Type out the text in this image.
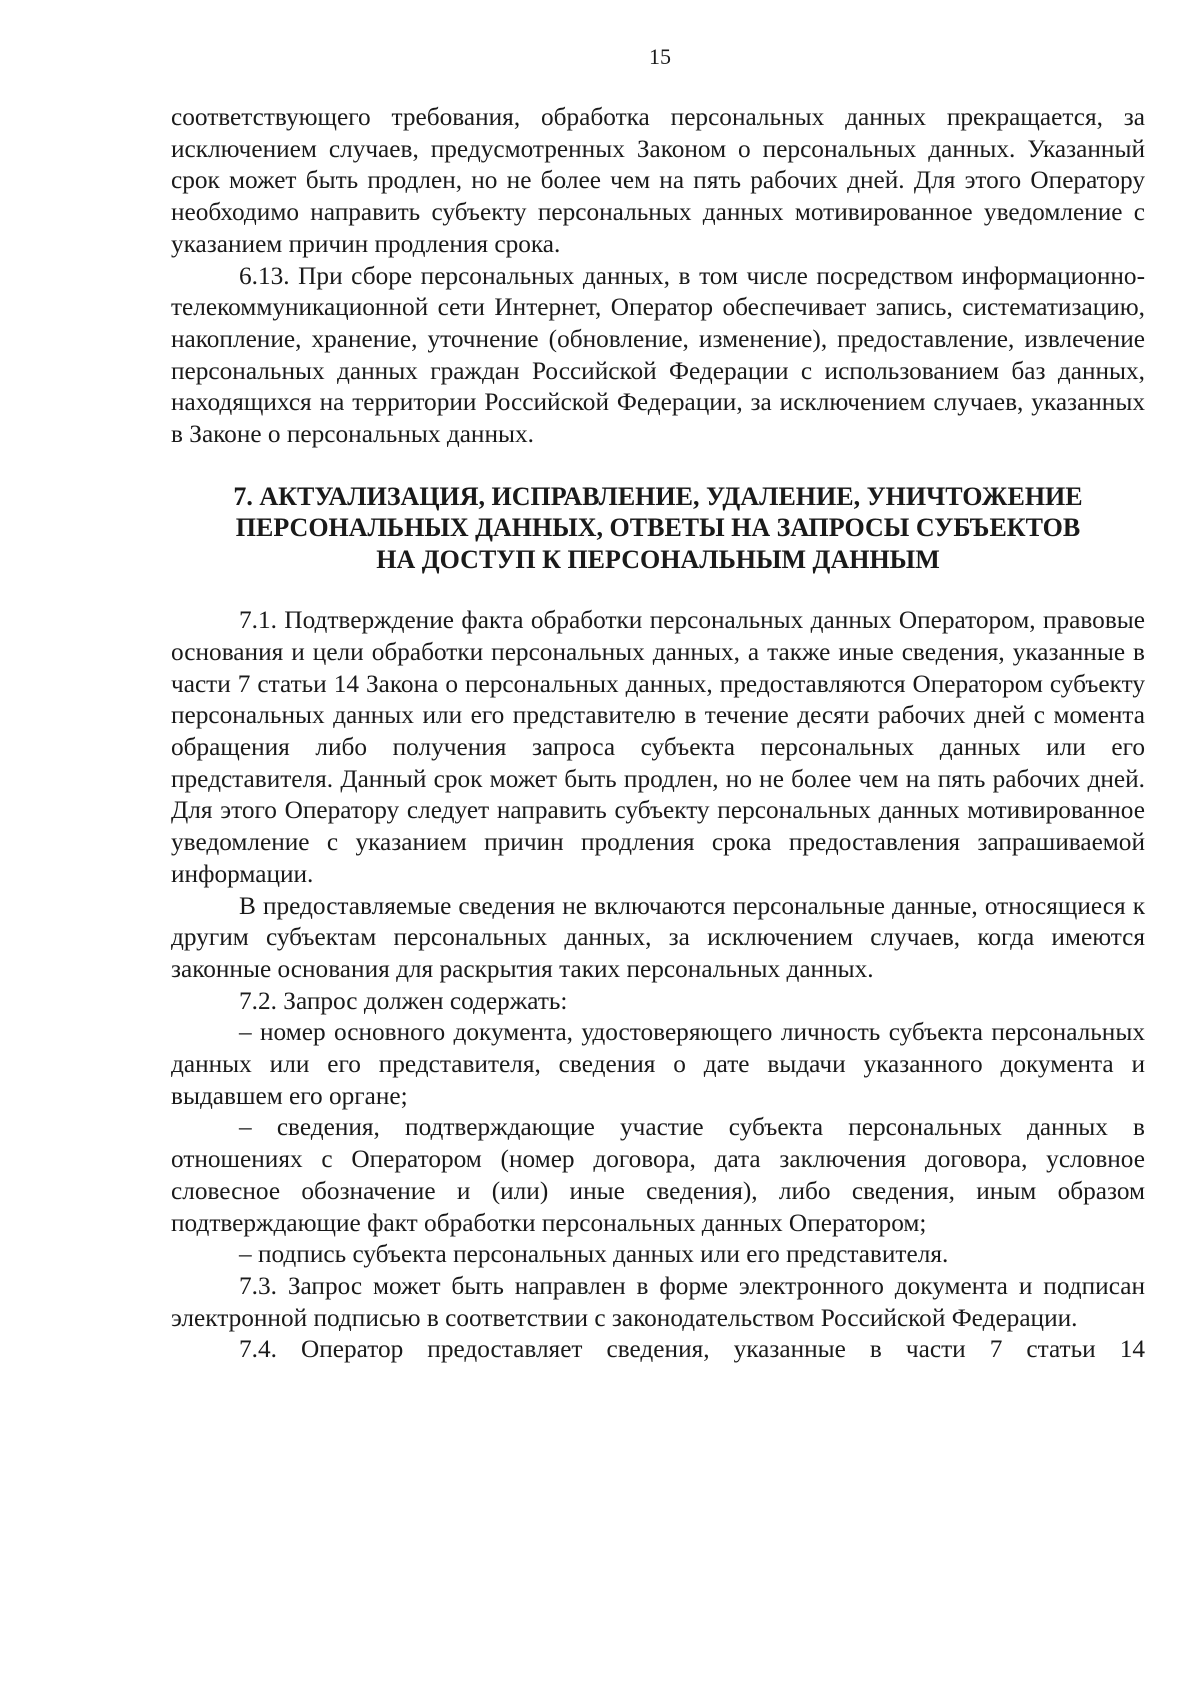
15

соответствующего требования, обработка персональных данных прекращается, за исключением случаев, предусмотренных Законом о персональных данных. Указанный срок может быть продлен, но не более чем на пять рабочих дней. Для этого Оператору необходимо направить субъекту персональных данных мотивированное уведомление с указанием причин продления срока.

6.13. При сборе персональных данных, в том числе посредством информационно-телекоммуникационной сети Интернет, Оператор обеспечивает запись, систематизацию, накопление, хранение, уточнение (обновление, изменение), предоставление, извлечение персональных данных граждан Российской Федерации с использованием баз данных, находящихся на территории Российской Федерации, за исключением случаев, указанных в Законе о персональных данных.

7. АКТУАЛИЗАЦИЯ, ИСПРАВЛЕНИЕ, УДАЛЕНИЕ, УНИЧТОЖЕНИЕ ПЕРСОНАЛЬНЫХ ДАННЫХ, ОТВЕТЫ НА ЗАПРОСЫ СУБЪЕКТОВ НА ДОСТУП К ПЕРСОНАЛЬНЫМ ДАННЫМ

7.1. Подтверждение факта обработки персональных данных Оператором, правовые основания и цели обработки персональных данных, а также иные сведения, указанные в части 7 статьи 14 Закона о персональных данных, предоставляются Оператором субъекту персональных данных или его представителю в течение десяти рабочих дней с момента обращения либо получения запроса субъекта персональных данных или его представителя. Данный срок может быть продлен, но не более чем на пять рабочих дней. Для этого Оператору следует направить субъекту персональных данных мотивированное уведомление с указанием причин продления срока предоставления запрашиваемой информации.

В предоставляемые сведения не включаются персональные данные, относящиеся к другим субъектам персональных данных, за исключением случаев, когда имеются законные основания для раскрытия таких персональных данных.

7.2. Запрос должен содержать:

– номер основного документа, удостоверяющего личность субъекта персональных данных или его представителя, сведения о дате выдачи указанного документа и выдавшем его органе;

– сведения, подтверждающие участие субъекта персональных данных в отношениях с Оператором (номер договора, дата заключения договора, условное словесное обозначение и (или) иные сведения), либо сведения, иным образом подтверждающие факт обработки персональных данных Оператором;

– подпись субъекта персональных данных или его представителя.

7.3. Запрос может быть направлен в форме электронного документа и подписан электронной подписью в соответствии с законодательством Российской Федерации.

7.4. Оператор предоставляет сведения, указанные в части 7 статьи 14
